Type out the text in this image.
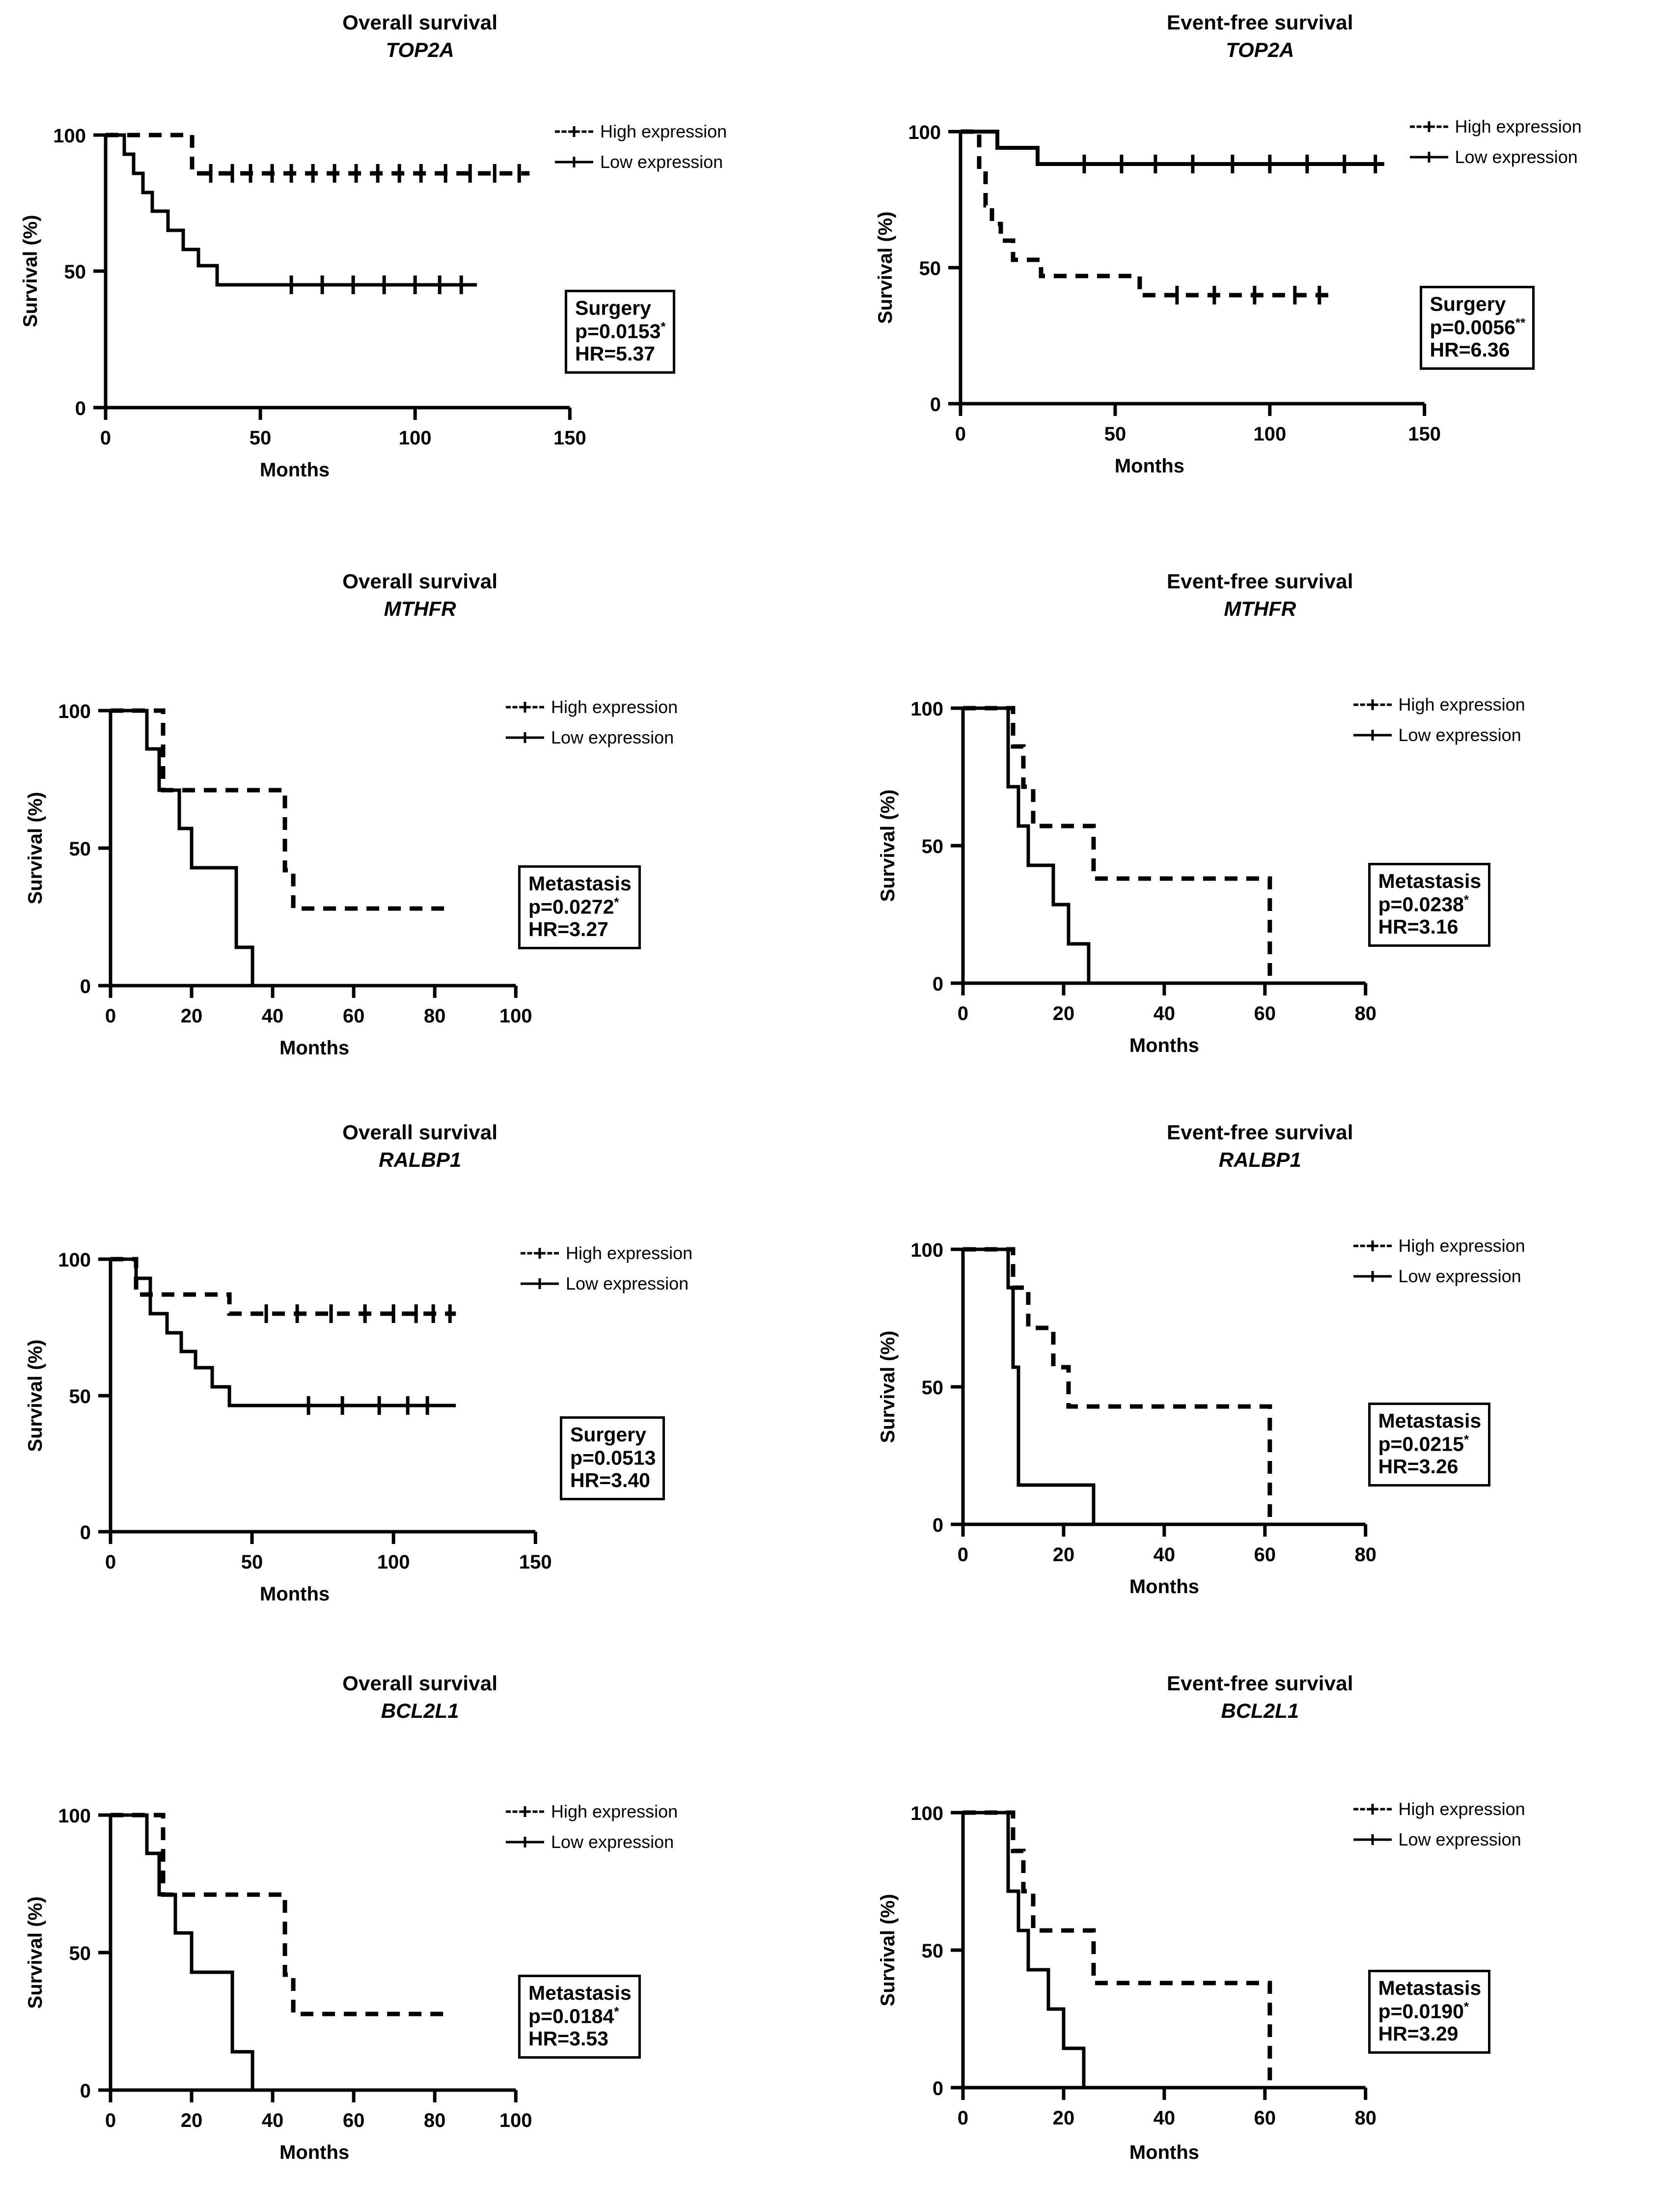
Overall survival
TOP2A
100
50
0
0	50	100	150
Survival (%)
Months
High expression
Low expression
Surgery
p=0.0153*
HR=5.37
Event-free survival
TOP2A
100
50
0
0	50	100	150
Survival (%)
Months
High expression
Low expression
Surgery
p=0.0056**
HR=6.36
Overall survival
MTHFR
100
50
0
0	20	40	60	80	100
Survival (%)
Months
High expression
Low expression
Metastasis
p=0.0272*
HR=3.27
Event-free survival
MTHFR
100
50
0
0	20	40	60	80
Survival (%)
Months
High expression
Low expression
Metastasis
p=0.0238*
HR=3.16
Overall survival
RALBP1
100
50
0
0	50	100	150
Survival (%)
Months
High expression
Low expression
Surgery
p=0.0513
HR=3.40
Event-free survival
RALBP1
100
50
0
0	20	40	60	80
Survival (%)
Months
High expression
Low expression
Metastasis
p=0.0215*
HR=3.26
Overall survival
BCL2L1
100
50
0
0	20	40	60	80	100
Survival (%)
Months
High expression
Low expression
Metastasis
p=0.0184*
HR=3.53
Event-free survival
BCL2L1
100
50
0
0	20	40	60	80
Survival (%)
Months
High expression
Low expression
Metastasis
p=0.0190*
HR=3.29
